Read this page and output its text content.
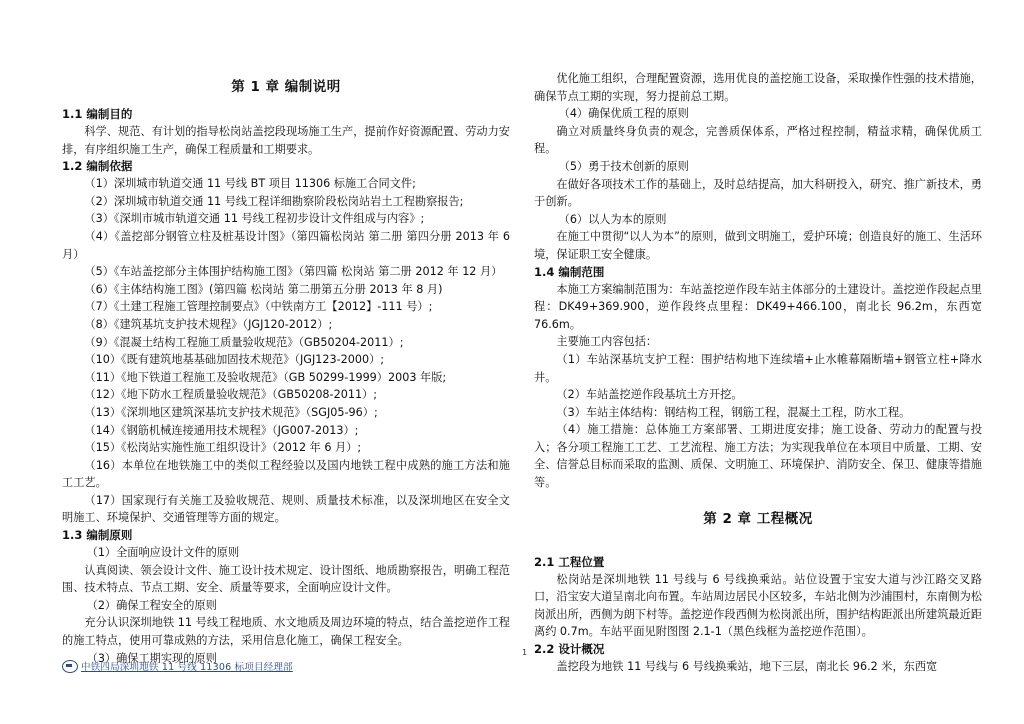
第 1 章 编制说明
1.1 编制目的

科学、规范、有计划的指导松岗站盖挖段现场施工生产，提前作好资源配置、劳动力安排，有序组织施工生产，确保工程质量和工期要求。

1.2 编制依据

（1）深圳城市轨道交通 11 号线 BT 项目 11306 标施工合同文件;

（2）深圳城市轨道交通 11 号线工程详细勘察阶段松岗站岩土工程勘察报告;

（3）《深圳市城市轨道交通 11 号线工程初步设计文件组成与内容》;

（4）《盖挖部分钢管立柱及桩基设计图》（第四篇松岗站 第二册 第四分册 2013 年 6 月）

（5）《车站盖挖部分主体围护结构施工图》（第四篇 松岗站 第二册 2012 年 12 月）

（6）《主体结构施工图》(第四篇 松岗站 第二册第五分册 2013 年 8 月)

（7）《土建工程施工管理控制要点》（中铁南方工【2012】-111 号）;

（8）《建筑基坑支护技术规程》（JGJ120-2012）;

（9）《混凝土结构工程施工质量验收规范》（GB50204-2011）;

（10）《既有建筑地基基础加固技术规范》（JGJ123-2000）;

（11）《地下铁道工程施工及验收规范》（GB 50299-1999）2003 年版;

（12）《地下防水工程质量验收规范》（GB50208-2011）;

（13）《深圳地区建筑深基坑支护技术规范》（SGJ05-96）;

（14）《钢筋机械连接通用技术规程》（JG007-2013）;

（15）《松岗站实施性施工组织设计》（2012 年 6 月）;

（16）本单位在地铁施工中的类似工程经验以及国内地铁工程中成熟的施工方法和施工工艺。

（17）国家现行有关施工及验收规范、规则、质量技术标准，以及深圳地区在安全文明施工、环境保护、交通管理等方面的规定。

1.3 编制原则

（1）全面响应设计文件的原则

认真阅读、领会设计文件、施工设计技术规定、设计图纸、地质勘察报告，明确工程范围、技术特点、节点工期、安全、质量等要求，全面响应设计文件。

（2）确保工程安全的原则

充分认识深圳地铁 11 号线工程地质、水文地质及周边环境的特点，结合盖挖逆作工程的施工特点，使用可靠成熟的方法，采用信息化施工，确保工程安全。

（3）确保工期实现的原则

优化施工组织，合理配置资源，选用优良的盖挖施工设备，采取操作性强的技术措施，确保节点工期的实现，努力提前总工期。

（4）确保优质工程的原则

确立对质量终身负责的观念，完善质保体系，严格过程控制，精益求精，确保优质工程。

（5）勇于技术创新的原则

在做好各项技术工作的基础上，及时总结提高，加大科研投入，研究、推广新技术，勇于创新。

（6）以人为本的原则

在施工中贯彻“以人为本”的原则，做到文明施工，爱护环境；创造良好的施工、生活环境，保证职工安全健康。

1.4 编制范围

本施工方案编制范围为：车站盖挖逆作段车站主体部分的土建设计。盖挖逆作段起点里程：DK49+369.900，逆作段终点里程：DK49+466.100，南北长 96.2m，东西宽 76.6m。

主要施工内容包括：

（1）车站深基坑支护工程：围护结构地下连续墙+止水帷幕隔断墙+钢管立柱+降水井。

（2）车站盖挖逆作段基坑土方开挖。

（3）车站主体结构：钢结构工程，钢筋工程，混凝土工程，防水工程。

（4）施工措施：总体施工方案部署、工期进度安排；施工设备、劳动力的配置与投入；各分项工程施工工艺、工艺流程、施工方法；为实现我单位在本项目中质量、工期、安全、信誉总目标而采取的监测、质保、文明施工、环境保护、消防安全、保卫、健康等措施等。

第 2 章 工程概况
2.1 工程位置

松岗站是深圳地铁 11 号线与 6 号线换乘站。站位设置于宝安大道与沙江路交叉路口，沿宝安大道呈南北向布置。车站周边居民小区较多，车站北侧为沙浦围村，东南侧为松岗派出所，西侧为朗下村等。盖挖逆作段西侧为松岗派出所，围护结构距派出所建筑最近距离约 0.7m。车站平面见附图图 2.1-1（黑色线框为盖挖逆作范围）。

2.2 设计概况

盖挖段为地铁 11 号线与 6 号线换乘站，地下三层，南北长 96.2 米，东西宽

1
中铁四局深圳地铁 11 号线 11306 标项目经理部
